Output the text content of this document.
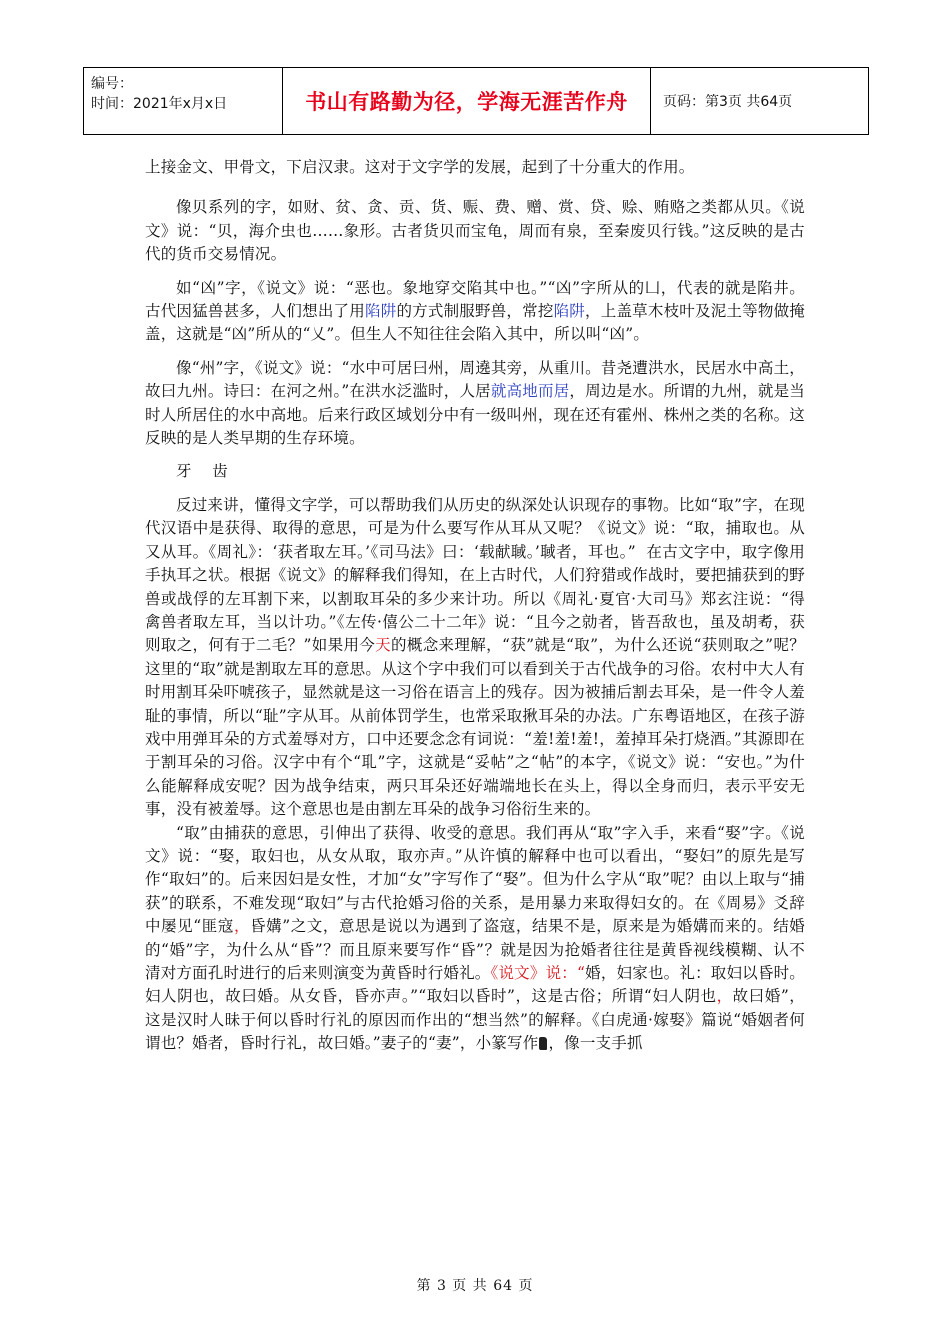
编号：
时间：2021年x月x日	书山有路勤为径，学海无涯苦作舟	页码：第3页 共64页

上接金文、甲骨文，下启汉隶。这对于文字学的发展，起到了十分重大的作用。

像贝系列的字，如财、贫、贪、贡、货、赈、费、赠、赏、贷、赊、贿赂之类都从贝。《说文》说：“贝，海介虫也……象形。古者货贝而宝龟，周而有泉，至秦废贝行钱。”这反映的是古代的货币交易情况。

如“凶”字，《说文》说：“恶也。象地穿交陷其中也。”“凶”字所从的凵，代表的就是陷井。古代因猛兽甚多，人们想出了用陷阱的方式制服野兽，常挖陷阱，上盖草木枝叶及泥土等物做掩盖，这就是“凶”所从的“乂”。但生人不知往往会陷入其中，所以叫“凶”。

像“州”字，《说文》说：“水中可居曰州，周遶其旁，从重川。昔尧遭洪水，民居水中高土，故曰九州。诗曰：在河之州。”在洪水泛滥时，人居就高地而居，周边是水。所谓的九州，就是当时人所居住的水中高地。后来行政区域划分中有一级叫州，现在还有霍州、株州之类的名称。这反映的是人类早期的生存环境。

牙    齿

反过来讲，懂得文字学，可以帮助我们从历史的纵深处认识现存的事物。比如“取”字，在现代汉语中是获得、取得的意思，可是为什么要写作从耳从又呢？《说文》说：“取，捕取也。从又从耳。《周礼》：‘获者取左耳。’《司马法》曰：‘载献聝。’聝者，耳也。”  在古文字中，取字像用手执耳之状。根据《说文》的解释我们得知，在上古时代，人们狩猎或作战时，要把捕获到的野兽或战俘的左耳割下来，以割取耳朵的多少来计功。所以《周礼·夏官·大司马》郑玄注说：“得禽兽者取左耳，当以计功。”《左传·僖公二十二年》说：“且今之勍者，皆吾敌也，虽及胡耇，获则取之，何有于二毛？”如果用今天的概念来理解，“获”就是“取”，为什么还说“获则取之”呢？这里的“取”就是割取左耳的意思。从这个字中我们可以看到关于古代战争的习俗。农村中大人有时用割耳朵吓唬孩子，显然就是这一习俗在语言上的残存。因为被捕后割去耳朵，是一件令人羞耻的事情，所以“耻”字从耳。从前体罚学生，也常采取揪耳朵的办法。广东粤语地区，在孩子游戏中用弹耳朵的方式羞辱对方，口中还要念念有词说：“羞!羞!羞!，羞掉耳朵打烧酒。”其源即在于割耳朵的习俗。汉字中有个“耴”字，这就是“妥帖”之“帖”的本字，《说文》说：“安也。”为什么能解释成安呢？因为战争结束，两只耳朵还好端端地长在头上，得以全身而归，表示平安无事，没有被羞辱。这个意思也是由割左耳朵的战争习俗衍生来的。

“取”由捕获的意思，引伸出了获得、收受的意思。我们再从“取”字入手，来看“娶”字。《说文》说：“娶，取妇也，从女从取，取亦声。”从许慎的解释中也可以看出，“娶妇”的原先是写作“取妇”的。后来因妇是女性，才加“女”字写作了“娶”。但为什么字从“取”呢？由以上取与“捕获”的联系，不难发现“取妇”与古代抢婚习俗的关系，是用暴力来取得妇女的。在《周易》爻辞中屡见“匪寇，昏媾”之文，意思是说以为遇到了盗寇，结果不是，原来是为婚媾而来的。结婚的“婚”字，为什么从“昏”？而且原来要写作“昏”？就是因为抢婚者往往是黄昏视线模糊、认不清对方面孔时进行的后来则演变为黄昏时行婚礼。《说文》说：“婚，妇家也。礼：取妇以昏时。妇人阴也，故曰婚。从女昏，昏亦声。”“取妇以昏时”，这是古俗；所谓“妇人阴也，故曰婚”，这是汉时人昧于何以昏时行礼的原因而作出的“想当然”的解释。《白虎通·嫁娶》篇说“婚姻者何谓也？婚者，昏时行礼，故曰婚。”妻子的“妻”，小篆写作 ，像一支手抓

第 3 页 共 64 页
